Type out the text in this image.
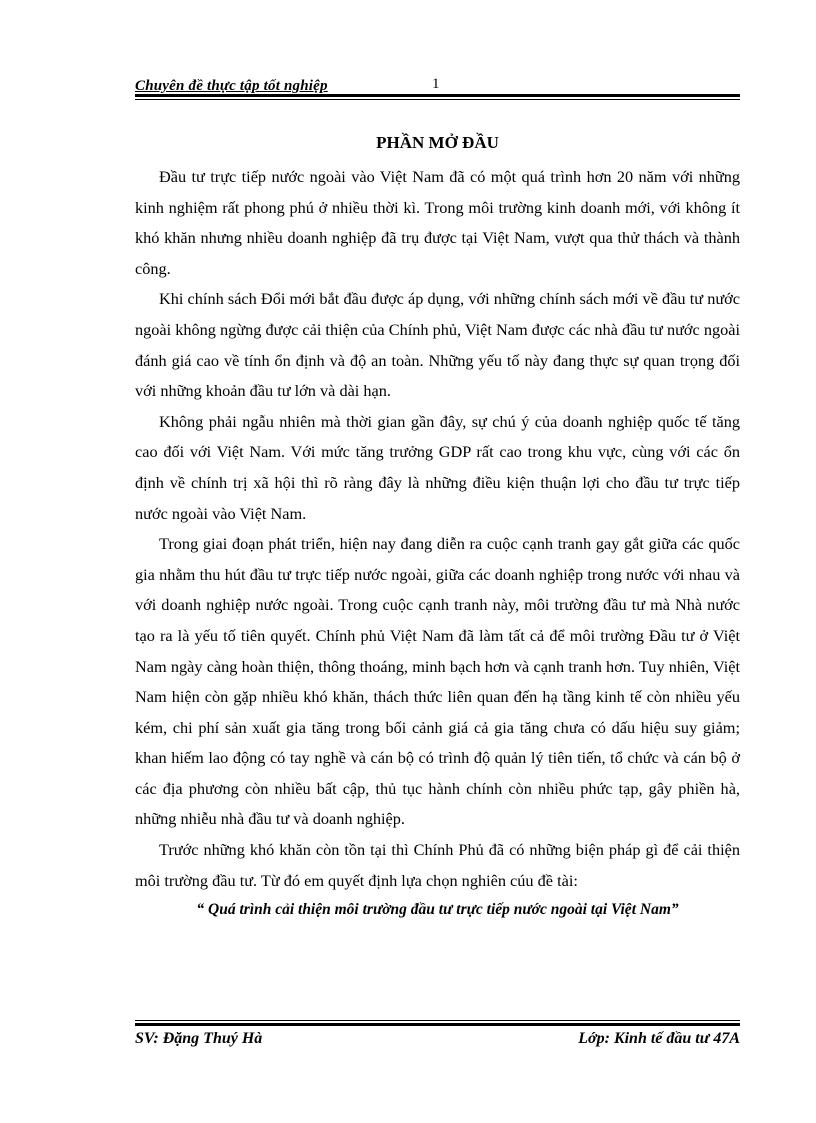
Chuyên đề thực tập tốt nghiệp	1
PHẦN MỞ ĐẦU

Đầu tư trực tiếp nước ngoài vào Việt Nam đã có một quá trình hơn 20 năm với những kinh nghiệm rất phong phú ở nhiều thời kì. Trong môi trường kinh doanh mới, với không ít khó khăn nhưng nhiều doanh nghiệp đã trụ được tại Việt Nam, vượt qua thử thách và thành công.

Khi chính sách Đổi mới bắt đầu được áp dụng, với những chính sách mới về đầu tư nước ngoài không ngừng được cải thiện của Chính phủ, Việt Nam được các nhà đầu tư nước ngoài đánh giá cao về tính ổn định và độ an toàn. Những yếu tố này đang thực sự quan trọng đối với những khoản đầu tư lớn và dài hạn.

Không phải ngẫu nhiên mà thời gian gần đây, sự chú ý của doanh nghiệp quốc tế tăng cao đối với Việt Nam. Với mức tăng trưởng GDP rất cao trong khu vực, cùng với các ổn định về chính trị xã hội thì rõ ràng đây là những điều kiện thuận lợi cho đầu tư trực tiếp nước ngoài vào Việt Nam.

Trong giai đoạn phát triển, hiện nay đang diễn ra cuộc cạnh tranh gay gắt giữa các quốc gia nhằm thu hút đầu tư trực tiếp nước ngoài, giữa các doanh nghiệp trong nước với nhau và với doanh nghiệp nước ngoài. Trong cuộc cạnh tranh này, môi trường đầu tư mà Nhà nước tạo ra là yếu tố tiên quyết. Chính phủ Việt Nam đã làm tất cả để môi trường Đầu tư ở Việt Nam ngày càng hoàn thiện, thông thoáng, minh bạch hơn và cạnh tranh hơn. Tuy nhiên, Việt Nam hiện còn gặp nhiều khó khăn, thách thức liên quan đến hạ tầng kinh tế còn nhiều yếu kém, chi phí sản xuất gia tăng trong bối cảnh giá cả gia tăng chưa có dấu hiệu suy giảm; khan hiếm lao động có tay nghề và cán bộ có trình độ quản lý tiên tiến, tổ chức và cán bộ ở các địa phương còn nhiều bất cập, thủ tục hành chính còn nhiều phức tạp, gây phiền hà, những nhiễu nhà đầu tư và doanh nghiệp.

Trước những khó khăn còn tồn tại thì Chính Phủ đã có những biện pháp gì để cải thiện môi trường đầu tư. Từ đó em quyết định lựa chọn nghiên cúu đề tài:

“ Quá trình cải thiện môi trường đầu tư trực tiếp nước ngoài tại Việt Nam”

SV: Đặng Thuý Hà	Lớp: Kinh tế đầu tư 47A
